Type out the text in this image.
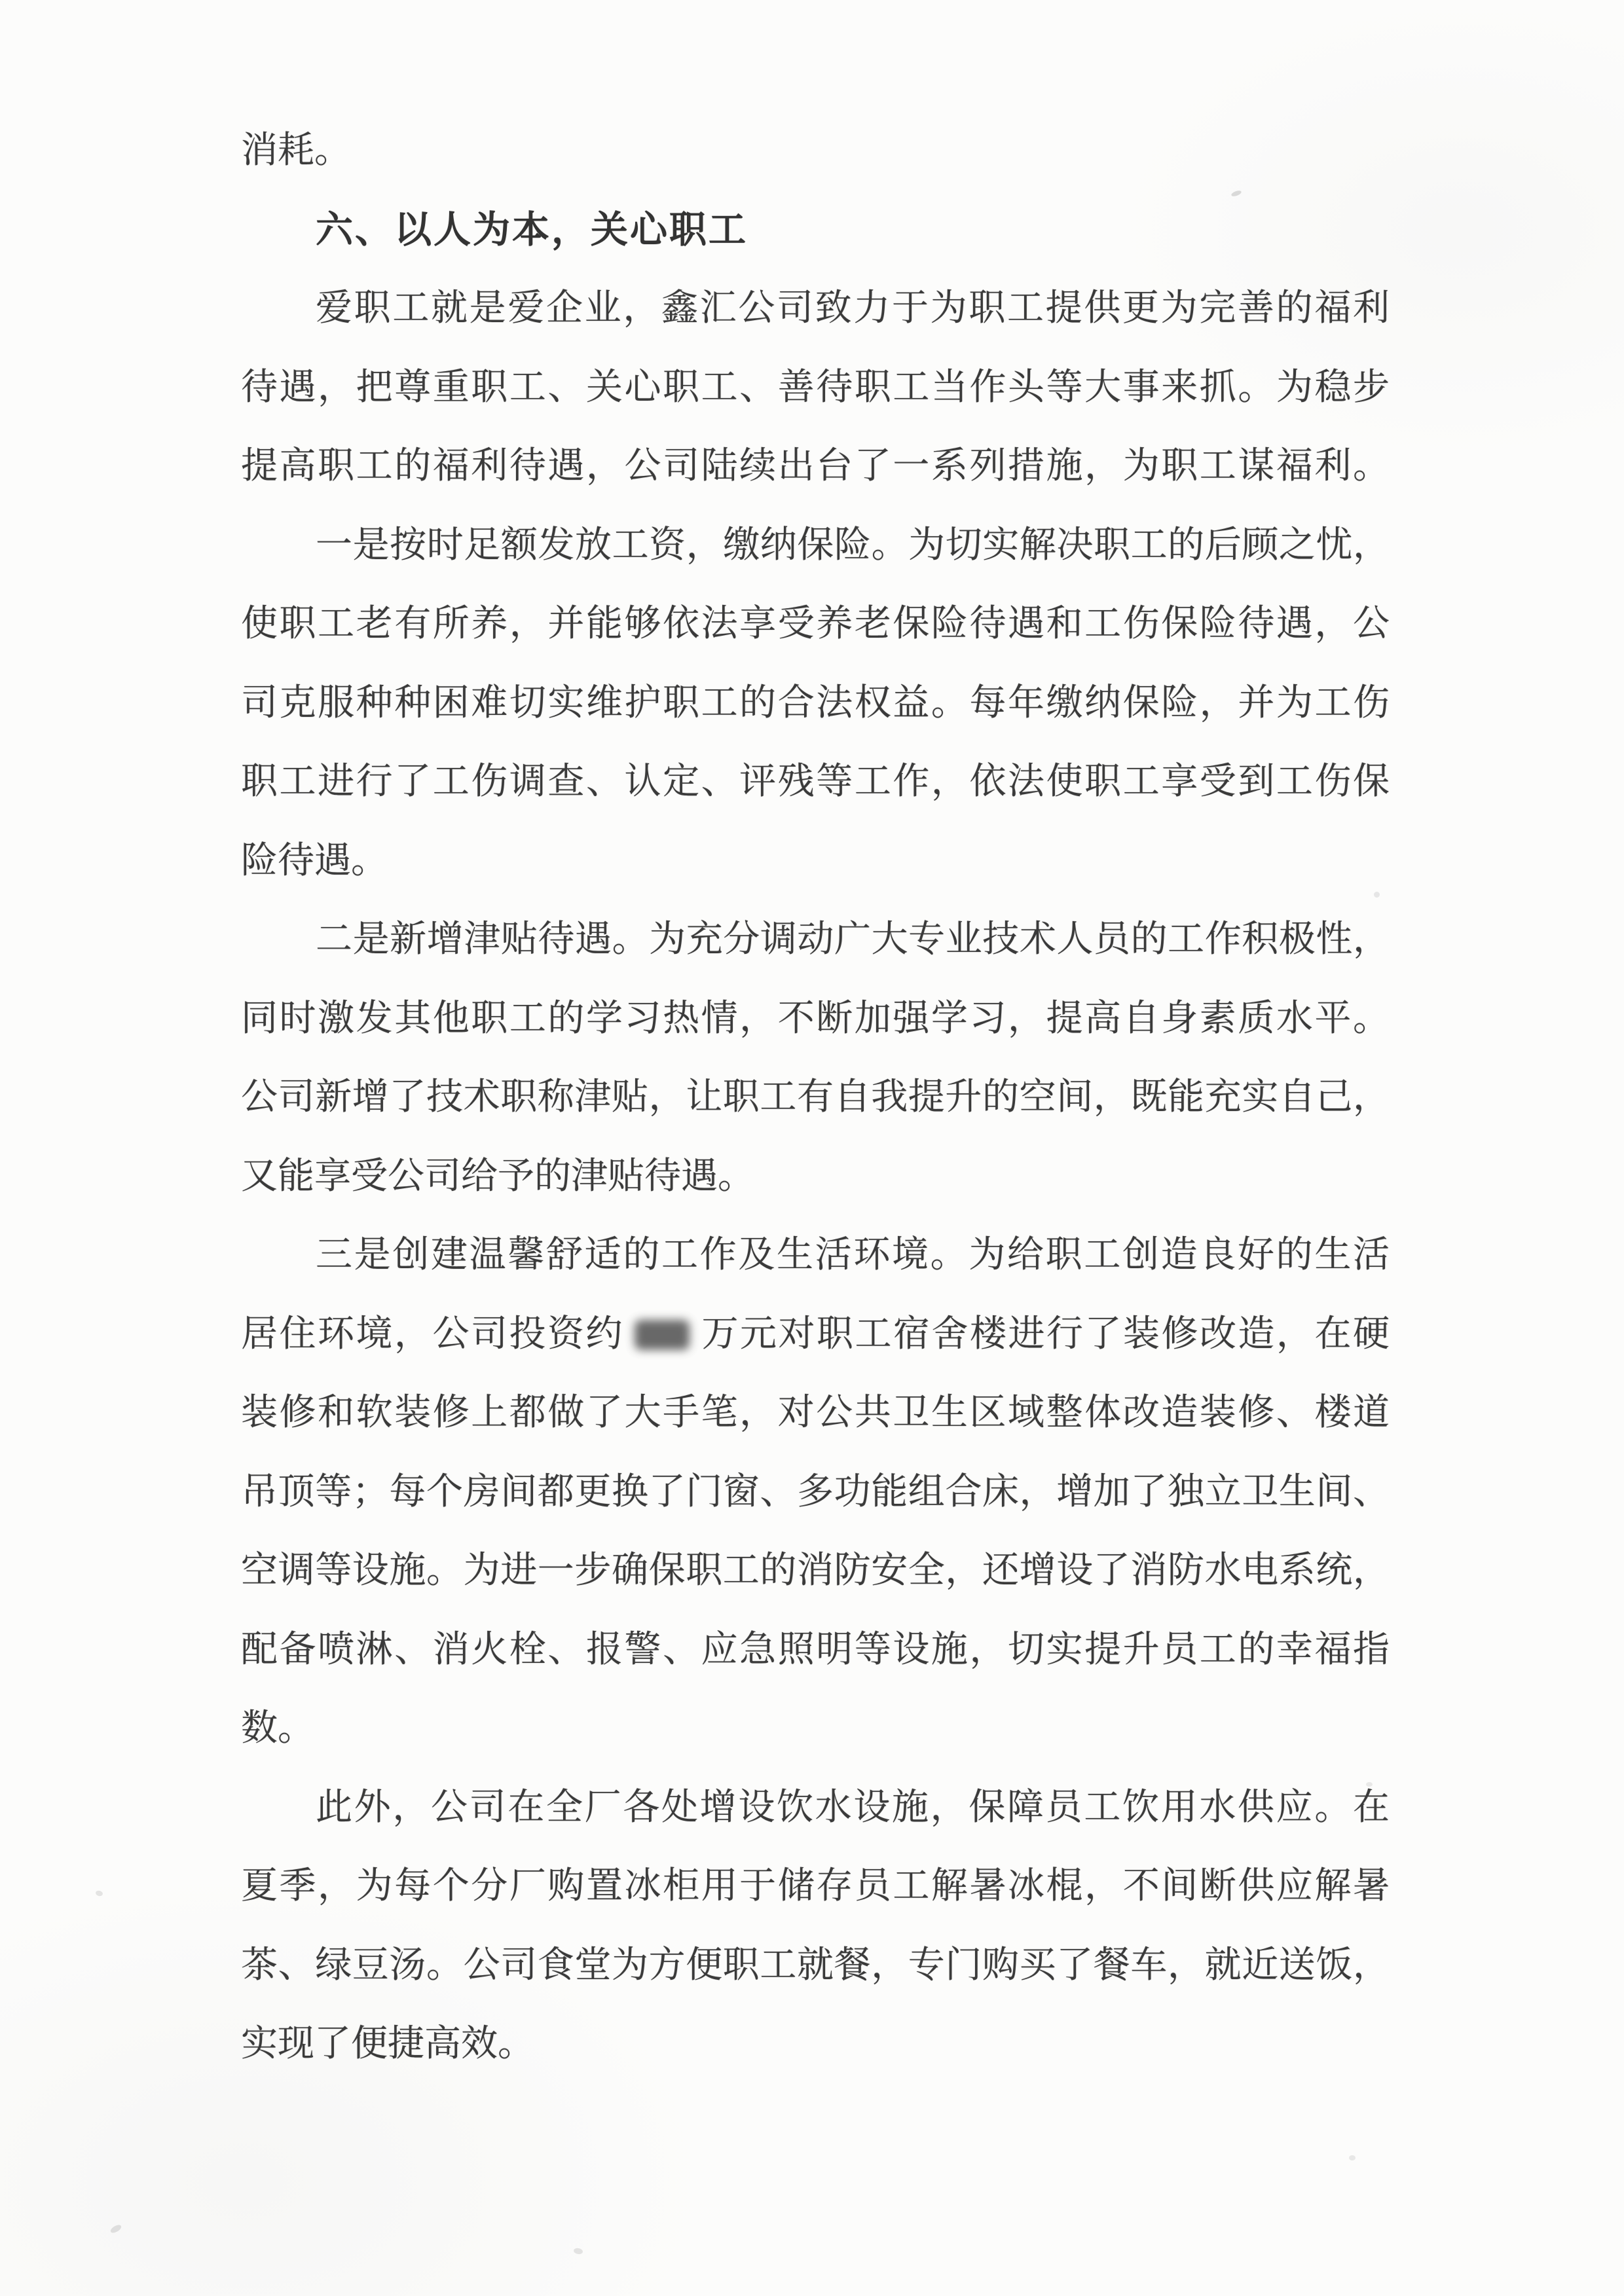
消耗。
六、以人为本，关心职工
爱职工就是爱企业，鑫汇公司致力于为职工提供更为完善的福利
待遇，把尊重职工、关心职工、善待职工当作头等大事来抓。为稳步
提高职工的福利待遇，公司陆续出台了一系列措施，为职工谋福利。
一是按时足额发放工资，缴纳保险。为切实解决职工的后顾之忧，
使职工老有所养，并能够依法享受养老保险待遇和工伤保险待遇，公
司克服种种困难切实维护职工的合法权益。每年缴纳保险，并为工伤
职工进行了工伤调查、认定、评残等工作，依法使职工享受到工伤保
险待遇。
二是新增津贴待遇。为充分调动广大专业技术人员的工作积极性，
同时激发其他职工的学习热情，不断加强学习，提高自身素质水平。
公司新增了技术职称津贴，让职工有自我提升的空间，既能充实自己，
又能享受公司给予的津贴待遇。
三是创建温馨舒适的工作及生活环境。为给职工创造良好的生活
居住环境，公司投资约 万元对职工宿舍楼进行了装修改造，在硬
装修和软装修上都做了大手笔，对公共卫生区域整体改造装修、楼道
吊顶等；每个房间都更换了门窗、多功能组合床，增加了独立卫生间、
空调等设施。为进一步确保职工的消防安全，还增设了消防水电系统，
配备喷淋、消火栓、报警、应急照明等设施，切实提升员工的幸福指
数。
此外，公司在全厂各处增设饮水设施，保障员工饮用水供应。在
夏季，为每个分厂购置冰柜用于储存员工解暑冰棍，不间断供应解暑
茶、绿豆汤。公司食堂为方便职工就餐，专门购买了餐车，就近送饭，
实现了便捷高效。
